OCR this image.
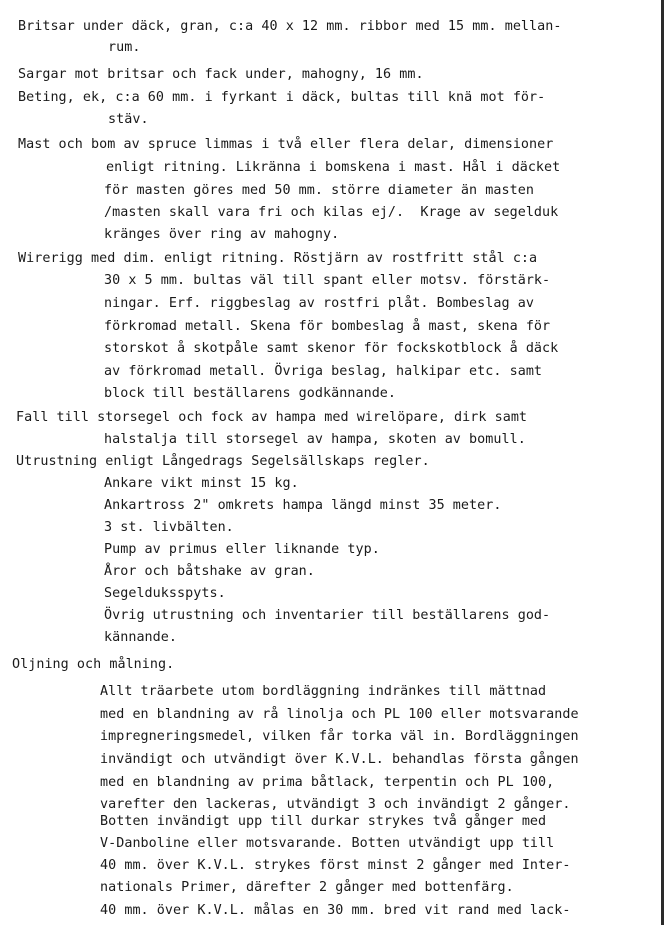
Britsar under däck, gran, c:a 40 x 12 mm. ribbor med 15 mm. mellan-
rum.
Sargar mot britsar och fack under, mahogny, 16 mm.
Beting, ek, c:a 60 mm. i fyrkant i däck, bultas till knä mot för-
stäv.
Mast och bom av spruce limmas i två eller flera delar, dimensioner
enligt ritning. Likränna i bomskena i mast. Hål i däcket
för masten göres med 50 mm. större diameter än masten
/masten skall vara fri och kilas ej/.  Krage av segelduk
kränges över ring av mahogny.
Wirerigg med dim. enligt ritning. Röstjärn av rostfritt stål c:a
30 x 5 mm. bultas väl till spant eller motsv. förstärk-
ningar. Erf. riggbeslag av rostfri plåt. Bombeslag av
förkromad metall. Skena för bombeslag å mast, skena för
storskot å skotpåle samt skenor för fockskotblock å däck
av förkromad metall. Övriga beslag, halkipar etc. samt
block till beställarens godkännande.
Fall till storsegel och fock av hampa med wirelöpare, dirk samt
halstalja till storsegel av hampa, skoten av bomull.
Utrustning enligt Långedrags Segelsällskaps regler.
Ankare vikt minst 15 kg.
Ankartross 2" omkrets hampa längd minst 35 meter.
3 st. livbälten.
Pump av primus eller liknande typ.
Åror och båtshake av gran.
Segelduksspyts.
Övrig utrustning och inventarier till beställarens god-
kännande.
Oljning och målning.
Allt träarbete utom bordläggning indränkes till mättnad
med en blandning av rå linolja och PL 100 eller motsvarande
impregneringsmedel, vilken får torka väl in. Bordläggningen
invändigt och utvändigt över K.V.L. behandlas första gången
med en blandning av prima båtlack, terpentin och PL 100,
varefter den lackeras, utvändigt 3 och invändigt 2 gånger.
Botten invändigt upp till durkar strykes två gånger med
V-Danboline eller motsvarande. Botten utvändigt upp till
40 mm. över K.V.L. strykes först minst 2 gånger med Inter-
nationals Primer, därefter 2 gånger med bottenfärg.
40 mm. över K.V.L. målas en 30 mm. bred vit rand med lack-
